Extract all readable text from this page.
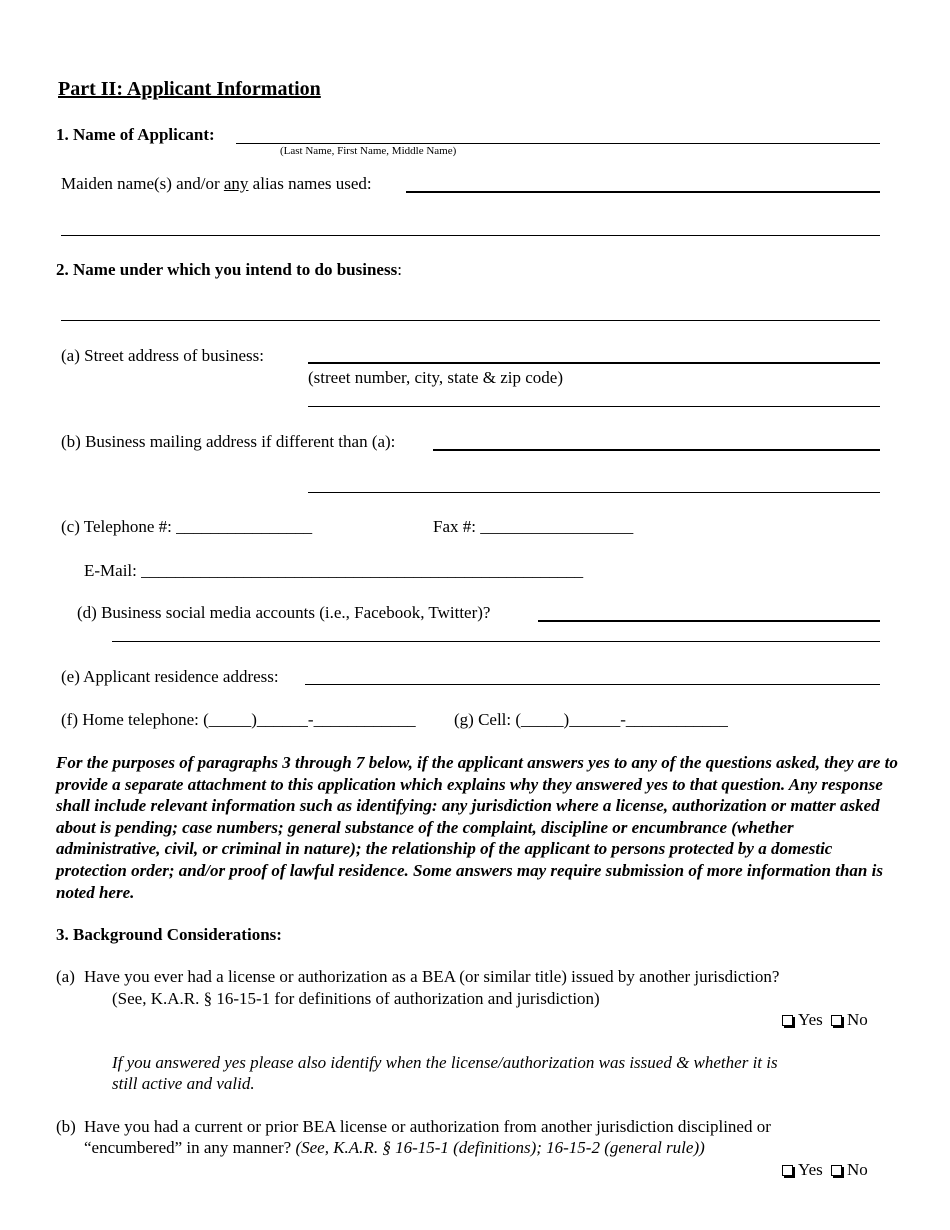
Part II: Applicant Information
1. Name of Applicant:
(Last Name, First Name, Middle Name)
Maiden name(s) and/or any alias names used:
2. Name under which you intend to do business:
(a) Street address of business:
(street number, city, state & zip code)
(b) Business mailing address if different than (a):
(c) Telephone #: ________________	Fax #: __________________
E-Mail: ____________________________________________________
(d) Business social media accounts (i.e., Facebook, Twitter)?
(e) Applicant residence address:
(f) Home telephone: (_____)______-____________ (g) Cell: (_____)______-____________
For the purposes of paragraphs 3 through 7 below, if the applicant answers yes to any of the questions asked, they are to provide a separate attachment to this application which explains why they answered yes to that question. Any response shall include relevant information such as identifying: any jurisdiction where a license, authorization or matter asked about is pending; case numbers; general substance of the complaint, discipline or encumbrance (whether administrative, civil, or criminal in nature); the relationship of the applicant to persons protected by a domestic protection order; and/or proof of lawful residence. Some answers may require submission of more information than is noted here.
3. Background Considerations:
(a) Have you ever had a license or authorization as a BEA (or similar title) issued by another jurisdiction?
(See, K.A.R. § 16-15-1 for definitions of authorization and jurisdiction)
Yes No
If you answered yes please also identify when the license/authorization was issued & whether it is
still active and valid.
(b) Have you had a current or prior BEA license or authorization from another jurisdiction disciplined or
“encumbered” in any manner? (See, K.A.R. § 16-15-1 (definitions); 16-15-2 (general rule))
Yes No
